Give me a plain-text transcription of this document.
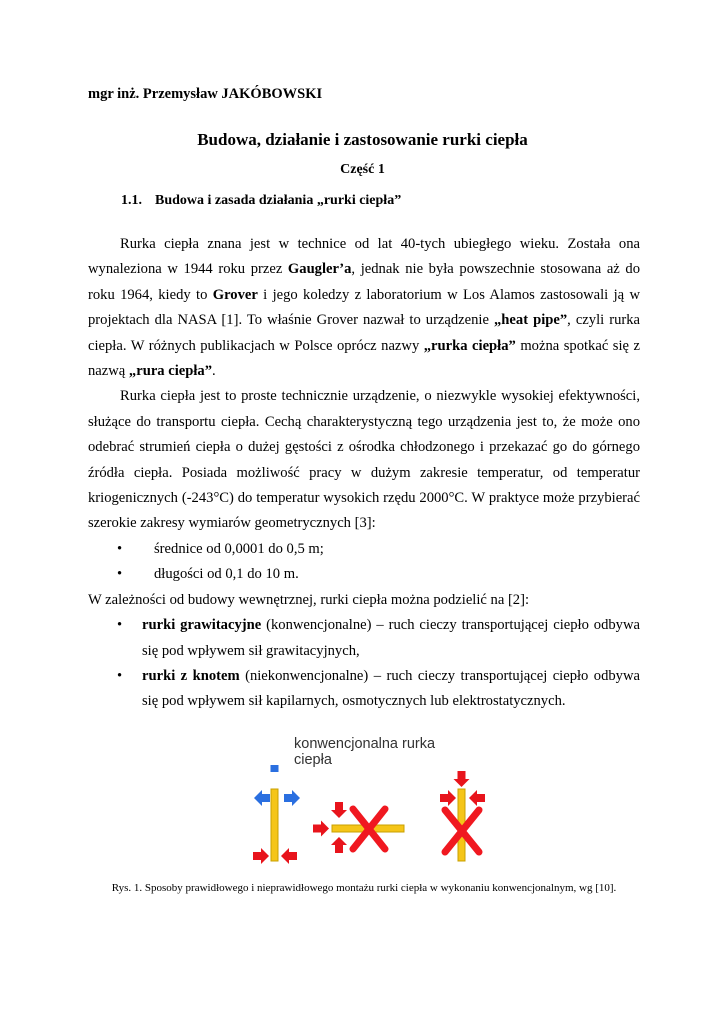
mgr inż. Przemysław JAKÓBOWSKI
Budowa, działanie i zastosowanie rurki ciepła
Część 1
1.1. Budowa i zasada działania „rurki ciepła”

Rurka ciepła znana jest w technice od lat 40-tych ubiegłego wieku. Została ona wynaleziona w 1944 roku przez Gaugler’a, jednak nie była powszechnie stosowana aż do roku 1964, kiedy to Grover i jego koledzy z laboratorium w Los Alamos zastosowali ją w projektach dla NASA [1]. To właśnie Grover nazwał to urządzenie „heat pipe”, czyli rurka ciepła. W różnych publikacjach w Polsce oprócz nazwy „rurka ciepła” można spotkać się z nazwą „rura ciepła”.

Rurka ciepła jest to proste technicznie urządzenie, o niezwykle wysokiej efektywności, służące do transportu ciepła. Cechą charakterystyczną tego urządzenia jest to, że może ono odebrać strumień ciepła o dużej gęstości z ośrodka chłodzonego i przekazać go do górnego źródła ciepła. Posiada możliwość pracy w dużym zakresie temperatur, od temperatur kriogenicznych (-243°C) do temperatur wysokich rzędu 2000°C. W praktyce może przybierać szerokie zakresy wymiarów geometrycznych [3]:

• średnice od 0,0001 do 0,5 m;
• długości od 0,1 do 10 m.

W zależności od budowy wewnętrznej, rurki ciepła można podzielić na [2]:

• rurki grawitacyjne (konwencjonalne) – ruch cieczy transportującej ciepło odbywa się pod wpływem sił grawitacyjnych,
• rurki z knotem (niekonwencjonalne) – ruch cieczy transportującej ciepło odbywa się pod wpływem sił kapilarnych, osmotycznych lub elektrostatycznych.
konwencjonalna rurka ciepła
Rys. 1. Sposoby prawidłowego i nieprawidłowego montażu rurki ciepła w wykonaniu konwencjonalnym, wg [10].
